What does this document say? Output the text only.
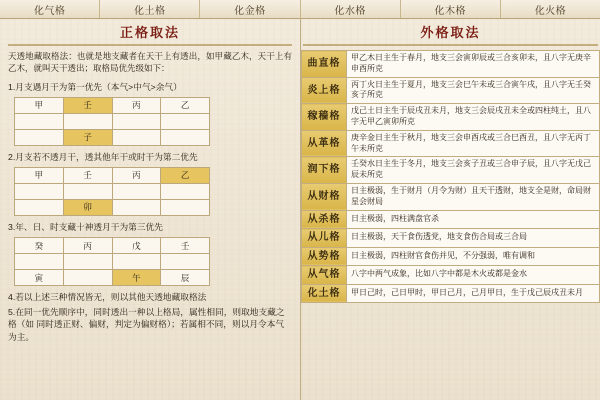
化气格	化土格	化金格	化水格	化木格	化火格
正格取法
天透地藏取格法：也就是地支藏者在天干上有透出，如甲藏乙木，天干上有乙木，就叫天干透出；取格局优先级如下：
1.月支遇月干为第一优先（本气>中气>余气）
甲	壬	丙	乙

	子		
2.月支若不透月干，透其他年干或时干为第二优先
甲	壬	丙	乙

	卯		
3.年、日、时支藏十神透月干为第三优先
癸	丙	戊	壬

寅		午	辰
4.若以上述三种情况皆无，则以其他天透地藏取格法
5.在同一优先顺序中，同时透出一种以上格局，属性相同，则取地支藏之格（如 同时透正财、偏财，判定为偏财格）；若属相不同，则以月令本气为主。
外格取法
曲直格	甲乙木日主生于春月，地支三会寅卯辰或三合亥卯未，且八字无庚辛申酉所克
炎上格	丙丁火日主生于夏月，地支三会巳午未或三合寅午戌，且八字无壬癸亥子所克
稼穑格	戊己土日主生于辰戌丑未月，地支三会辰戌丑未全或四柱纯土，且八字无甲乙寅卯所克
从革格	庚辛金日主生于秋月，地支三会申酉戌或三合巳酉丑，且八字无丙丁午未所克
润下格	壬癸水日主生于冬月，地支三会亥子丑或三合申子辰，且八字无戊己辰未所克
从财格	日主极弱，生于财月（月令为财）且天干透财，地支全是财，命局财星会财局
从杀格	日主极弱，四柱满盘官杀
从儿格	日主极弱，天干食伤透党，地支食伤合局或三合局
从势格	日主极弱，四柱财官食伤并见，不分强弱，唯有调和
从气格	八字中两气成象，比如八字中都是木火或都是金水
化土格	甲日己时，己日甲时，甲日己月，己月甲日，生于戊己辰戌丑未月
